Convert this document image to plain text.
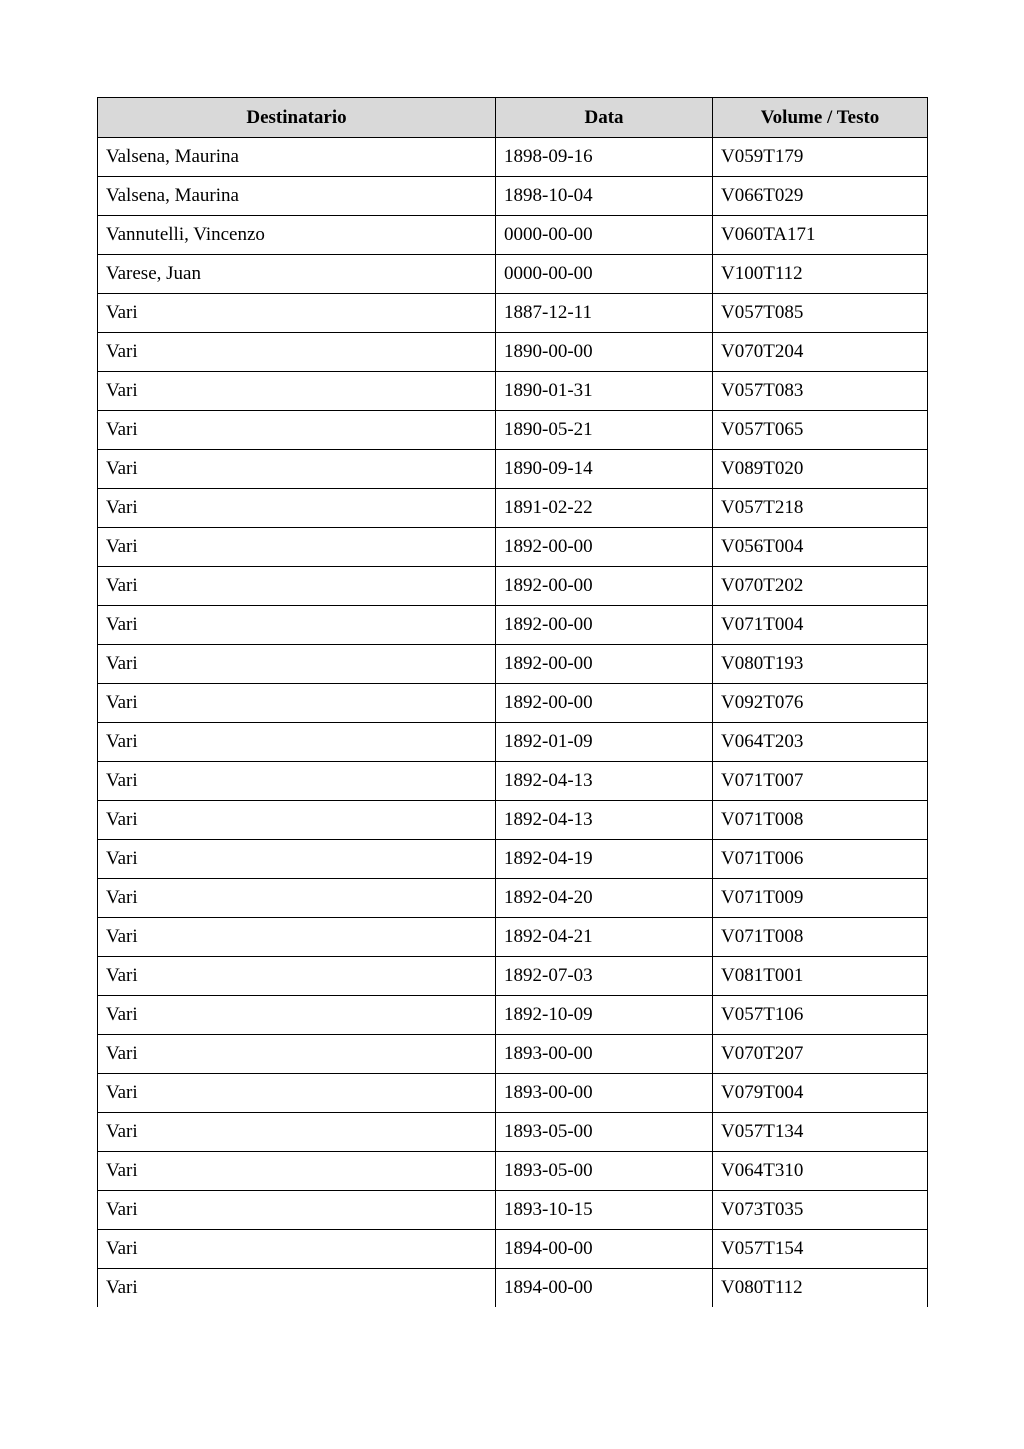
Destinatario	Data	Volume / Testo
Valsena, Maurina	1898-09-16	V059T179
Valsena, Maurina	1898-10-04	V066T029
Vannutelli, Vincenzo	0000-00-00	V060TA171
Varese, Juan	0000-00-00	V100T112
Vari	1887-12-11	V057T085
Vari	1890-00-00	V070T204
Vari	1890-01-31	V057T083
Vari	1890-05-21	V057T065
Vari	1890-09-14	V089T020
Vari	1891-02-22	V057T218
Vari	1892-00-00	V056T004
Vari	1892-00-00	V070T202
Vari	1892-00-00	V071T004
Vari	1892-00-00	V080T193
Vari	1892-00-00	V092T076
Vari	1892-01-09	V064T203
Vari	1892-04-13	V071T007
Vari	1892-04-13	V071T008
Vari	1892-04-19	V071T006
Vari	1892-04-20	V071T009
Vari	1892-04-21	V071T008
Vari	1892-07-03	V081T001
Vari	1892-10-09	V057T106
Vari	1893-00-00	V070T207
Vari	1893-00-00	V079T004
Vari	1893-05-00	V057T134
Vari	1893-05-00	V064T310
Vari	1893-10-15	V073T035
Vari	1894-00-00	V057T154
Vari	1894-00-00	V080T112
